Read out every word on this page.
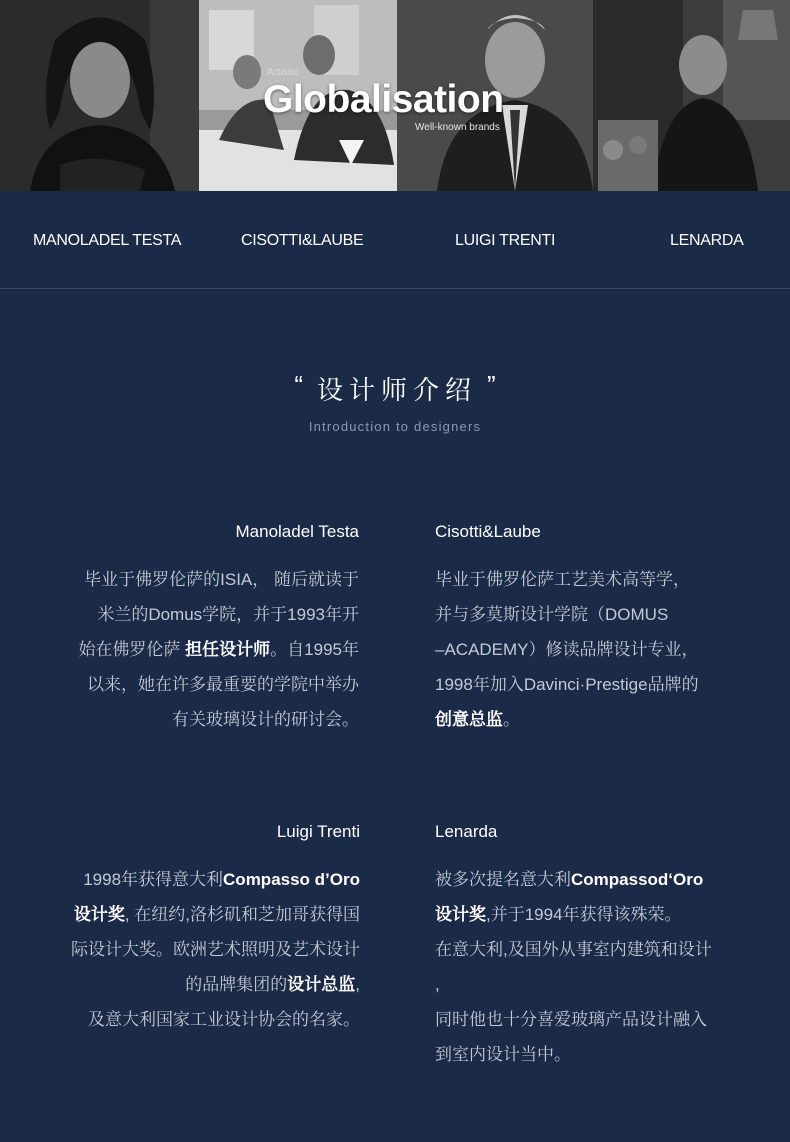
Artistic
Globalisation
Well-known brands
MANOLADEL TESTA	CISOTTI&LAUBE	LUIGI TRENTI	LENARDA
“ 设计师介绍 ”
Introduction to designers
Manoladel Testa
毕业于佛罗伦萨的ISIA， 随后就读于
米兰的Domus学院，并于1993年开
始在佛罗伦萨 担任设计师。自1995年
以来，她在许多最重要的学院中举办
有关玻璃设计的研讨会。
Cisotti&Laube
毕业于佛罗伦萨工艺美术高等学，
并与多莫斯设计学院（DOMUS
–ACADEMY）修读品牌设计专业，
1998年加入Davinci·Prestige品牌的
创意总监。
Luigi Trenti
1998年获得意大利Compasso d’Oro
设计奖, 在纽约,洛杉矶和芝加哥获得国
际设计大奖。欧洲艺术照明及艺术设计
的品牌集团的设计总监,
及意大利国家工业设计协会的名家。
Lenarda
被多次提名意大利Compassod‘Oro
设计奖,并于1994年获得该殊荣。
在意大利,及国外从事室内建筑和设计
,
同时他也十分喜爱玻璃产品设计融入
到室内设计当中。
